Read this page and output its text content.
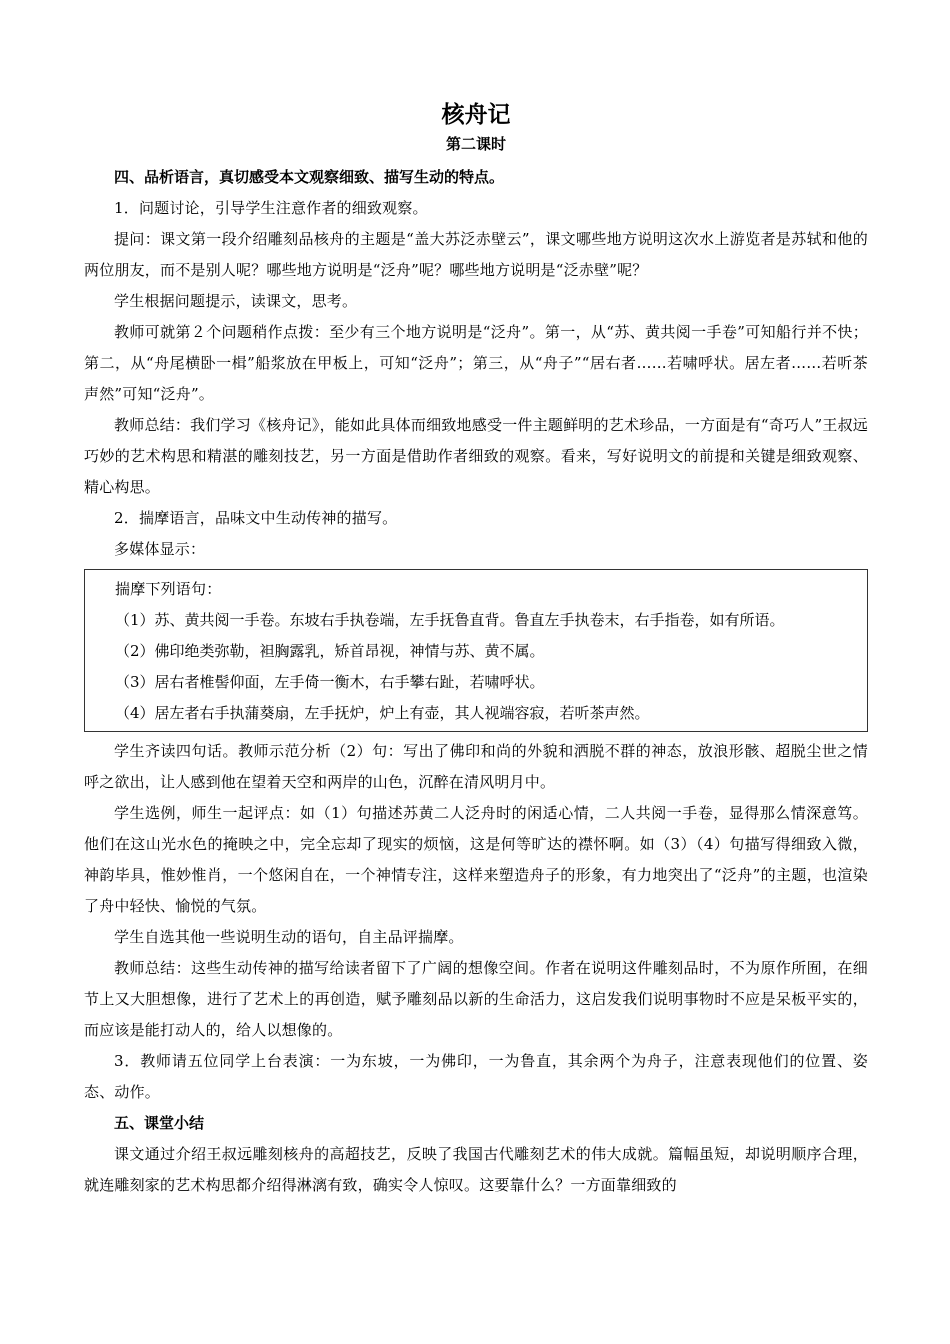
核舟记
第二课时

四、品析语言，真切感受本文观察细致、描写生动的特点。

1．问题讨论，引导学生注意作者的细致观察。

提问：课文第一段介绍雕刻品核舟的主题是“盖大苏泛赤壁云”，课文哪些地方说明这次水上游览者是苏轼和他的两位朋友，而不是别人呢？哪些地方说明是“泛舟”呢？哪些地方说明是“泛赤壁”呢？

学生根据问题提示，读课文，思考。

教师可就第２个问题稍作点拨：至少有三个地方说明是“泛舟”。第一，从“苏、黄共阅一手卷”可知船行并不快；第二，从“舟尾横卧一楫”船浆放在甲板上，可知“泛舟”；第三，从“舟子”“居右者……若啸呼状。居左者……若听茶声然”可知“泛舟”。

教师总结：我们学习《核舟记》，能如此具体而细致地感受一件主题鲜明的艺术珍品，一方面是有“奇巧人”王叔远巧妙的艺术构思和精湛的雕刻技艺，另一方面是借助作者细致的观察。看来，写好说明文的前提和关键是细致观察、精心构思。

2．揣摩语言，品味文中生动传神的描写。

多媒体显示：

揣摩下列语句：

（1）苏、黄共阅一手卷。东坡右手执卷端，左手抚鲁直背。鲁直左手执卷末，右手指卷，如有所语。

（2）佛印绝类弥勒，袒胸露乳，矫首昂视，神情与苏、黄不属。

（3）居右者椎髻仰面，左手倚一衡木，右手攀右趾，若啸呼状。

（4）居左者右手执蒲葵扇，左手抚炉，炉上有壶，其人视端容寂，若听茶声然。

学生齐读四句话。教师示范分析（2）句：写出了佛印和尚的外貌和洒脱不群的神态，放浪形骸、超脱尘世之情呼之欲出，让人感到他在望着天空和两岸的山色，沉醉在清风明月中。

学生选例，师生一起评点：如（1）句描述苏黄二人泛舟时的闲适心情，二人共阅一手卷，显得那么情深意笃。他们在这山光水色的掩映之中，完全忘却了现实的烦恼，这是何等旷达的襟怀啊。如（3）（4）句描写得细致入微，神韵毕具，惟妙惟肖，一个悠闲自在，一个神情专注，这样来塑造舟子的形象，有力地突出了“泛舟”的主题，也渲染了舟中轻快、愉悦的气氛。

学生自选其他一些说明生动的语句，自主品评揣摩。

教师总结：这些生动传神的描写给读者留下了广阔的想像空间。作者在说明这件雕刻品时，不为原作所囿，在细节上又大胆想像，进行了艺术上的再创造，赋予雕刻品以新的生命活力，这启发我们说明事物时不应是呆板平实的，而应该是能打动人的，给人以想像的。

3．教师请五位同学上台表演：一为东坡，一为佛印，一为鲁直，其余两个为舟子，注意表现他们的位置、姿态、动作。

五、课堂小结

课文通过介绍王叔远雕刻核舟的高超技艺，反映了我国古代雕刻艺术的伟大成就。篇幅虽短，却说明顺序合理，就连雕刻家的艺术构思都介绍得淋漓有致，确实令人惊叹。这要靠什么？一方面靠细致的
